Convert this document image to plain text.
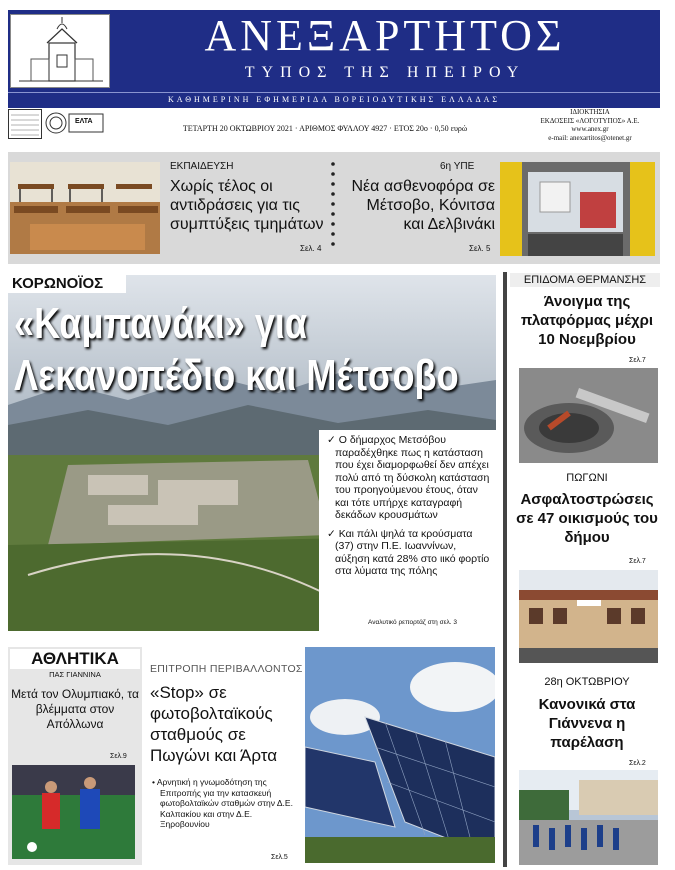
ΑΝΕΞΑΡΤΗΤΟΣ
ΤΥΠΟΣ ΤΗΣ ΗΠΕΙΡΟΥ
ΚΑΘΗΜΕΡΙΝΗ ΕΦΗΜΕΡΙΔΑ ΒΟΡΕΙΟΔΥΤΙΚΗΣ ΕΛΛΑΔΑΣ
ΕΛΤΑ
ΤΕΤΑΡΤΗ 20 ΟΚΤΩΒΡΙΟΥ 2021 · ΑΡΙΘΜΟΣ ΦΥΛΛΟΥ 4927 · ΕΤΟΣ 20ο · 0,50 ευρώ
ΙΔΙΟΚΤΗΣΙΑ
ΕΚΔΟΣΕΙΣ «ΛΟΓΟΤΥΠΟΣ» Α.Ε.
www.anex.gr
e-mail: anexartitos@otenet.gr
ΕΚΠΑΙΔΕΥΣΗ
Χωρίς τέλος οι αντιδράσεις για τις συμπτύξεις τμημάτων
Σελ. 4
6η ΥΠΕ
Νέα ασθενοφόρα σε Μέτσοβο, Κόνιτσα και Δελβινάκι
Σελ. 5
ΚΟΡΩΝΟΪΟΣ
«Καμπανάκι» για Λεκανοπέδιο και Μέτσοβο
✓ Ο δήμαρχος Μετσόβου παραδέχθηκε πως η κατάσταση που έχει διαμορφωθεί δεν απέχει πολύ από τη δύσκολη κατάσταση του προηγούμενου έτους, όταν και τότε υπήρχε καταγραφή δεκάδων κρουσμάτων
✓ Και πάλι ψηλά τα κρούσματα (37) στην Π.Ε. Ιωαννίνων, αύξηση κατά 28% στο ιικό φορτίο στα λύματα της πόλης
Αναλυτικό ρεπορτάζ στη σελ. 3
ΕΠΙΔΟΜΑ ΘΕΡΜΑΝΣΗΣ
Άνοιγμα της πλατφόρμας μέχρι 10 Νοεμβρίου
Σελ.7
ΠΩΓΩΝΙ
Ασφαλτοστρώσεις σε 47 οικισμούς του δήμου
Σελ.7
28η ΟΚΤΩΒΡΙΟΥ
Κανονικά στα Γιάννενα η παρέλαση
Σελ.2
ΑΘΛΗΤΙΚΑ
ΠΑΣ ΓΙΑΝΝΙΝΑ
Μετά τον Ολυμπιακό, τα βλέμματα στον Απόλλωνα
Σελ.9
ΕΠΙΤΡΟΠΗ ΠΕΡΙΒΑΛΛΟΝΤΟΣ
«Stop» σε φωτοβολταϊκούς σταθμούς σε Πωγώνι και Άρτα
• Αρνητική η γνωμοδότηση της Επιτροπής για την κατασκευή φωτοβολταϊκών σταθμών στην Δ.Ε. Καλπακίου και στην Δ.Ε. Ξηροβουνίου
Σελ.5
